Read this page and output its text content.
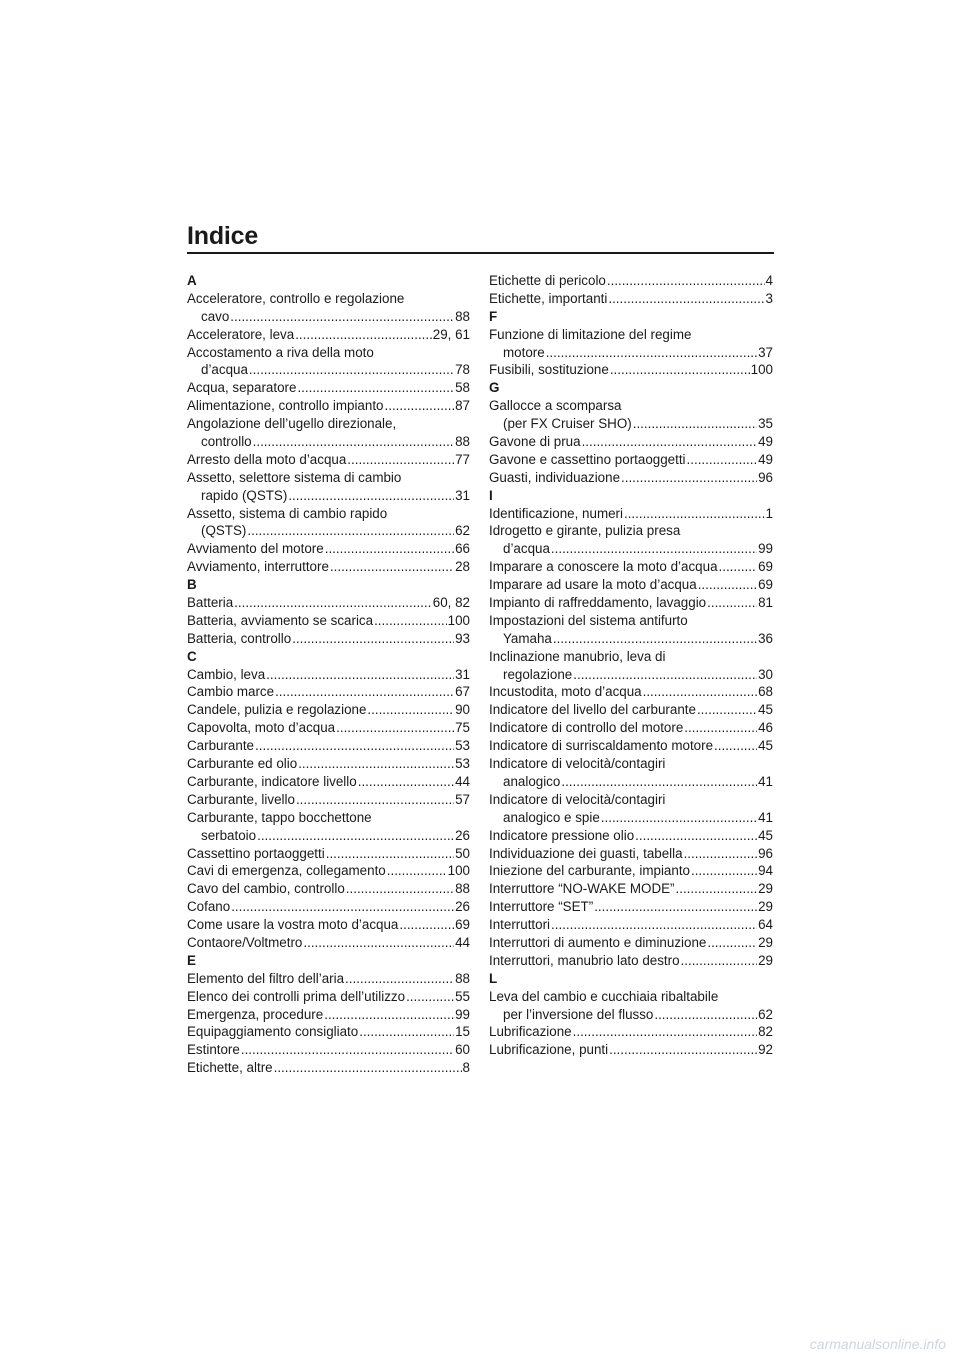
Indice
A
Acceleratore, controllo e regolazione
cavo .....	88
Acceleratore, leva .....	29, 61
Accostamento a riva della moto
d’acqua .....	78
Acqua, separatore .....	58
Alimentazione, controllo impianto .....	87
Angolazione dell’ugello direzionale,
controllo .....	88
Arresto della moto d’acqua .....	77
Assetto, selettore sistema di cambio
rapido (QSTS) .....	31
Assetto, sistema di cambio rapido
(QSTS) .....	62
Avviamento del motore .....	66
Avviamento, interruttore .....	28
B
Batteria .....	60, 82
Batteria, avviamento se scarica .....	100
Batteria, controllo .....	93
C
Cambio, leva .....	31
Cambio marce .....	67
Candele, pulizia e regolazione .....	90
Capovolta, moto d’acqua .....	75
Carburante .....	53
Carburante ed olio .....	53
Carburante, indicatore livello .....	44
Carburante, livello .....	57
Carburante, tappo bocchettone
serbatoio .....	26
Cassettino portaoggetti .....	50
Cavi di emergenza, collegamento .....	100
Cavo del cambio, controllo .....	88
Cofano .....	26
Come usare la vostra moto d’acqua .....	69
Contaore/Voltmetro .....	44
E
Elemento del filtro dell’aria .....	88
Elenco dei controlli prima dell’utilizzo .....	55
Emergenza, procedure .....	99
Equipaggiamento consigliato .....	15
Estintore .....	60
Etichette, altre .....	8
Etichette di pericolo .....	4
Etichette, importanti .....	3
F
Funzione di limitazione del regime
motore .....	37
Fusibili, sostituzione .....	100
G
Gallocce a scomparsa
(per FX Cruiser SHO) .....	35
Gavone di prua .....	49
Gavone e cassettino portaoggetti .....	49
Guasti, individuazione .....	96
I
Identificazione, numeri .....	1
Idrogetto e girante, pulizia presa
d’acqua .....	99
Imparare a conoscere la moto d’acqua .....	69
Imparare ad usare la moto d’acqua .....	69
Impianto di raffreddamento, lavaggio .....	81
Impostazioni del sistema antifurto
Yamaha .....	36
Inclinazione manubrio, leva di
regolazione .....	30
Incustodita, moto d’acqua .....	68
Indicatore del livello del carburante .....	45
Indicatore di controllo del motore .....	46
Indicatore di surriscaldamento motore .....	45
Indicatore di velocità/contagiri
analogico .....	41
Indicatore di velocità/contagiri
analogico e spie .....	41
Indicatore pressione olio .....	45
Individuazione dei guasti, tabella .....	96
Iniezione del carburante, impianto .....	94
Interruttore “NO-WAKE MODE” .....	29
Interruttore “SET” .....	29
Interruttori .....	64
Interruttori di aumento e diminuzione .....	29
Interruttori, manubrio lato destro .....	29
L
Leva del cambio e cucchiaia ribaltabile
per l’inversione del flusso .....	62
Lubrificazione .....	82
Lubrificazione, punti .....	92
carmanualsonline.info
